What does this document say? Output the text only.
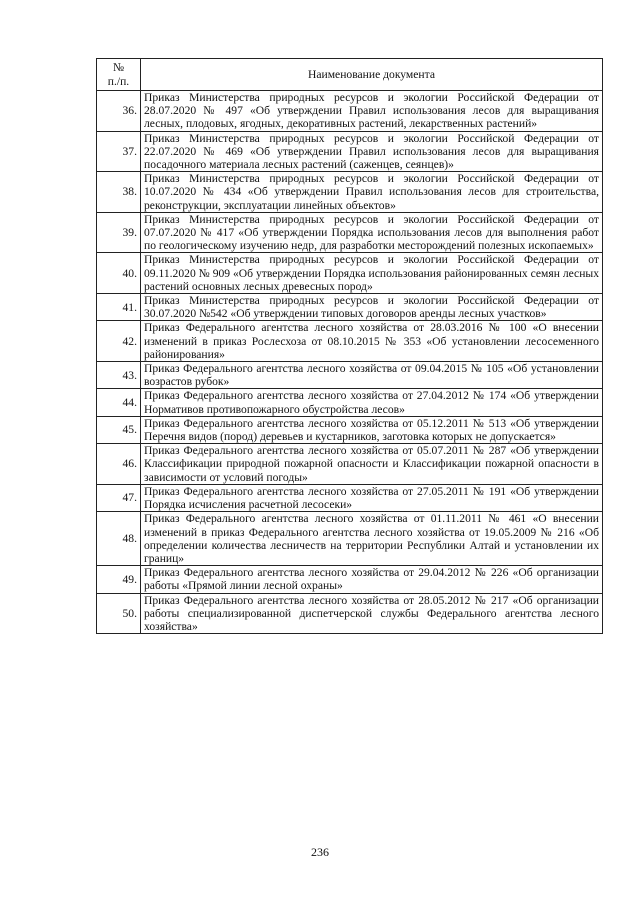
№
п./п.	Наименование документа
36.	Приказ Министерства природных ресурсов и экологии Российской Федерации от 28.07.2020 № 497 «Об утверждении Правил использования лесов для выращивания лесных, плодовых, ягодных, декоративных растений, лекарственных растений»
37.	Приказ Министерства природных ресурсов и экологии Российской Федерации от 22.07.2020 № 469 «Об утверждении Правил использования лесов для выращивания посадочного материала лесных растений (саженцев, сеянцев)»
38.	Приказ Министерства природных ресурсов и экологии Российской Федерации от 10.07.2020 № 434 «Об утверждении Правил использования лесов для строительства, реконструкции, эксплуатации линейных объектов»
39.	Приказ Министерства природных ресурсов и экологии Российской Федерации от 07.07.2020 № 417 «Об утверждении Порядка использования лесов для выполнения работ по геологическому изучению недр, для разработки месторождений полезных ископаемых»
40.	Приказ Министерства природных ресурсов и экологии Российской Федерации от 09.11.2020 № 909 «Об утверждении Порядка использования районированных семян лесных растений основных лесных древесных пород»
41.	Приказ Министерства природных ресурсов и экологии Российской Федерации от 30.07.2020 №542 «Об утверждении типовых договоров аренды лесных участков»
42.	Приказ Федерального агентства лесного хозяйства от 28.03.2016 № 100 «О внесении изменений в приказ Рослесхоза от 08.10.2015 № 353 «Об установлении лесосеменного районирования»
43.	Приказ Федерального агентства лесного хозяйства от 09.04.2015 № 105 «Об установлении возрастов рубок»
44.	Приказ Федерального агентства лесного хозяйства от 27.04.2012 № 174 «Об утверждении Нормативов противопожарного обустройства лесов»
45.	Приказ Федерального агентства лесного хозяйства от 05.12.2011 № 513 «Об утверждении Перечня видов (пород) деревьев и кустарников, заготовка которых не допускается»
46.	Приказ Федерального агентства лесного хозяйства от 05.07.2011 № 287 «Об утверждении Классификации природной пожарной опасности и Классификации пожарной опасности в зависимости от условий погоды»
47.	Приказ Федерального агентства лесного хозяйства от 27.05.2011 № 191 «Об утверждении Порядка исчисления расчетной лесосеки»
48.	Приказ Федерального агентства лесного хозяйства от 01.11.2011 № 461 «О внесении изменений в приказ Федерального агентства лесного хозяйства от 19.05.2009 № 216 «Об определении количества лесничеств на территории Республики Алтай и установлении их границ»
49.	Приказ Федерального агентства лесного хозяйства от 29.04.2012 № 226 «Об организации работы «Прямой линии лесной охраны»
50.	Приказ Федерального агентства лесного хозяйства от 28.05.2012 № 217 «Об организации работы специализированной диспетчерской службы Федерального агентства лесного хозяйства»
236
